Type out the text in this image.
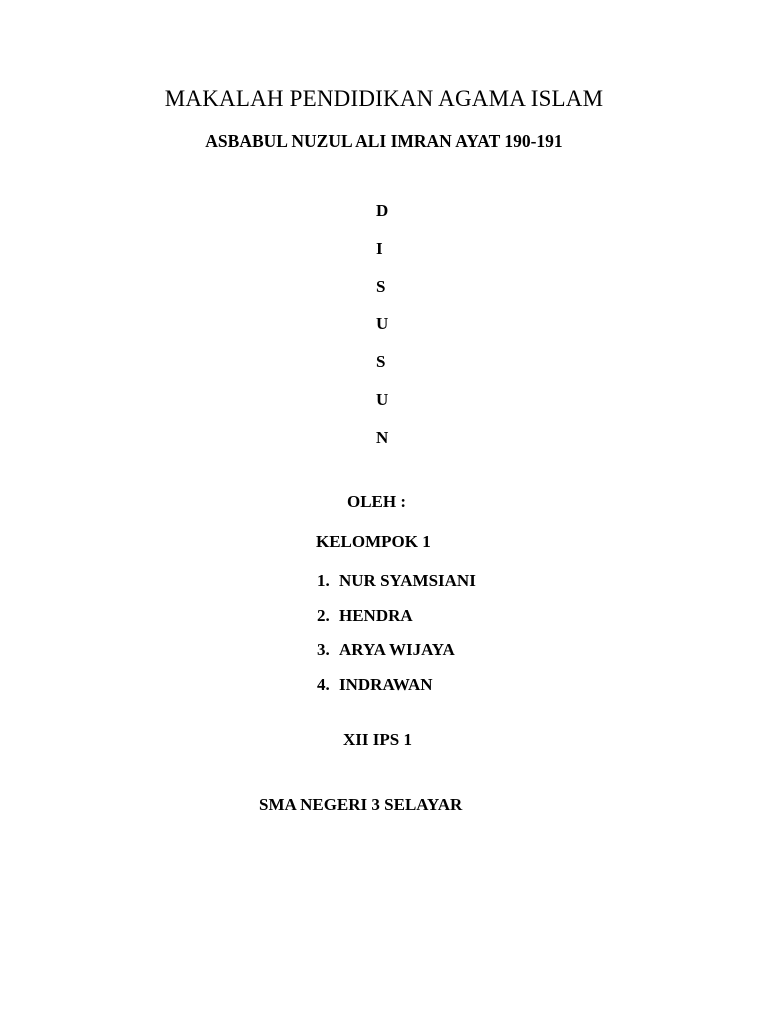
MAKALAH PENDIDIKAN AGAMA ISLAM
ASBABUL NUZUL ALI IMRAN AYAT 190-191
D
I
S
U
S
U
N
OLEH :
KELOMPOK 1
1. NUR SYAMSIANI
2. HENDRA
3. ARYA WIJAYA
4. INDRAWAN
XII IPS 1
SMA NEGERI 3 SELAYAR
